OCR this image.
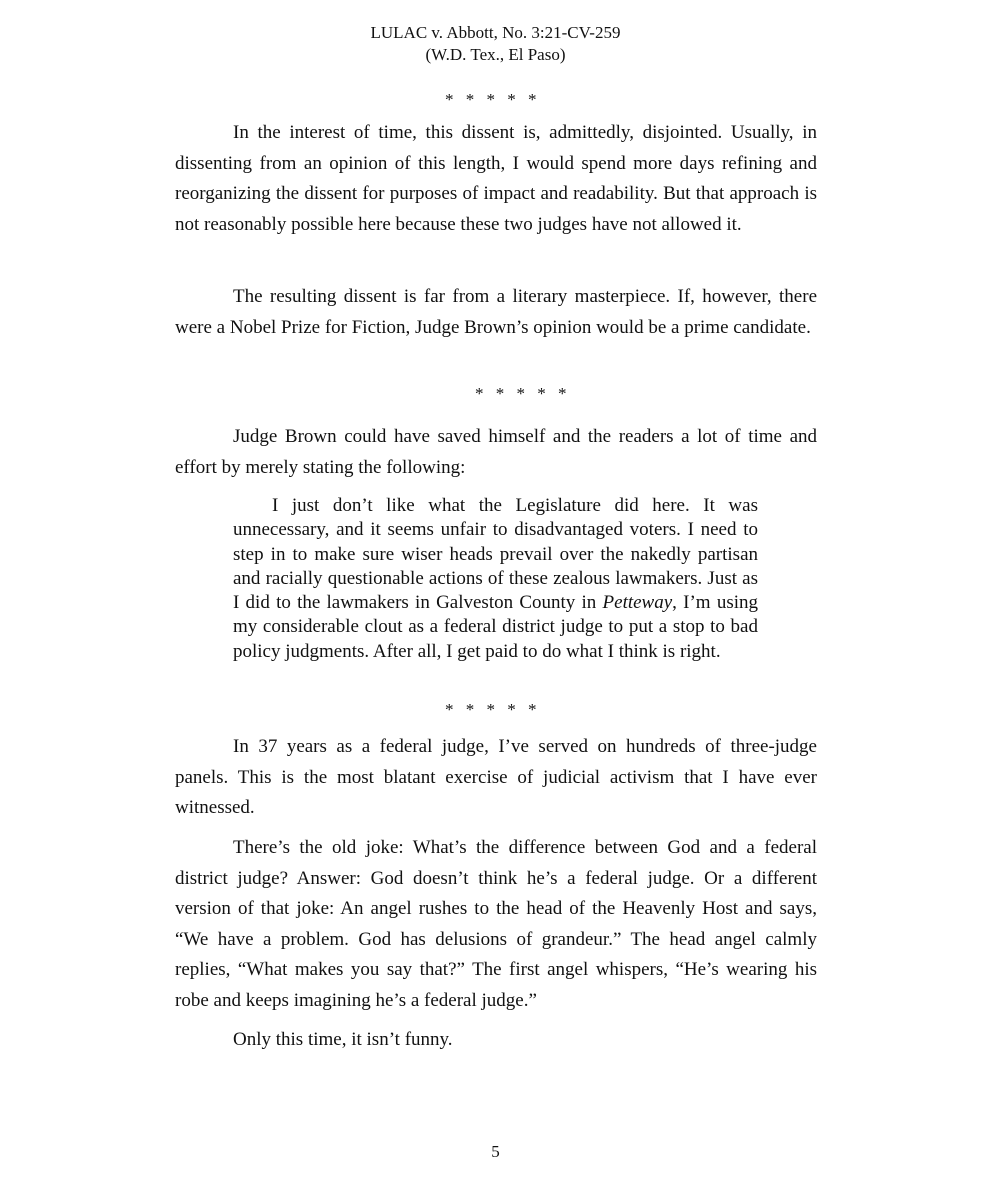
LULAC v. Abbott, No. 3:21-CV-259
(W.D. Tex., El Paso)
* * * * *
In the interest of time, this dissent is, admittedly, disjointed. Usually, in dissenting from an opinion of this length, I would spend more days refining and reorganizing the dissent for purposes of impact and readability. But that approach is not reasonably possible here because these two judges have not allowed it.
The resulting dissent is far from a literary masterpiece. If, however, there were a Nobel Prize for Fiction, Judge Brown’s opinion would be a prime candidate.
* * * * *
Judge Brown could have saved himself and the readers a lot of time and effort by merely stating the following:
I just don’t like what the Legislature did here. It was unnecessary, and it seems unfair to disadvantaged voters. I need to step in to make sure wiser heads prevail over the nakedly partisan and racially questionable actions of these zealous lawmakers. Just as I did to the lawmakers in Galveston County in Petteway, I’m using my considerable clout as a federal district judge to put a stop to bad policy judgments. After all, I get paid to do what I think is right.
* * * * *
In 37 years as a federal judge, I’ve served on hundreds of three-judge panels. This is the most blatant exercise of judicial activism that I have ever witnessed.
There’s the old joke: What’s the difference between God and a federal district judge? Answer: God doesn’t think he’s a federal judge. Or a different version of that joke: An angel rushes to the head of the Heavenly Host and says, “We have a problem. God has delusions of grandeur.” The head angel calmly replies, “What makes you say that?” The first angel whispers, “He’s wearing his robe and keeps imagining he’s a federal judge.”
Only this time, it isn’t funny.
5
